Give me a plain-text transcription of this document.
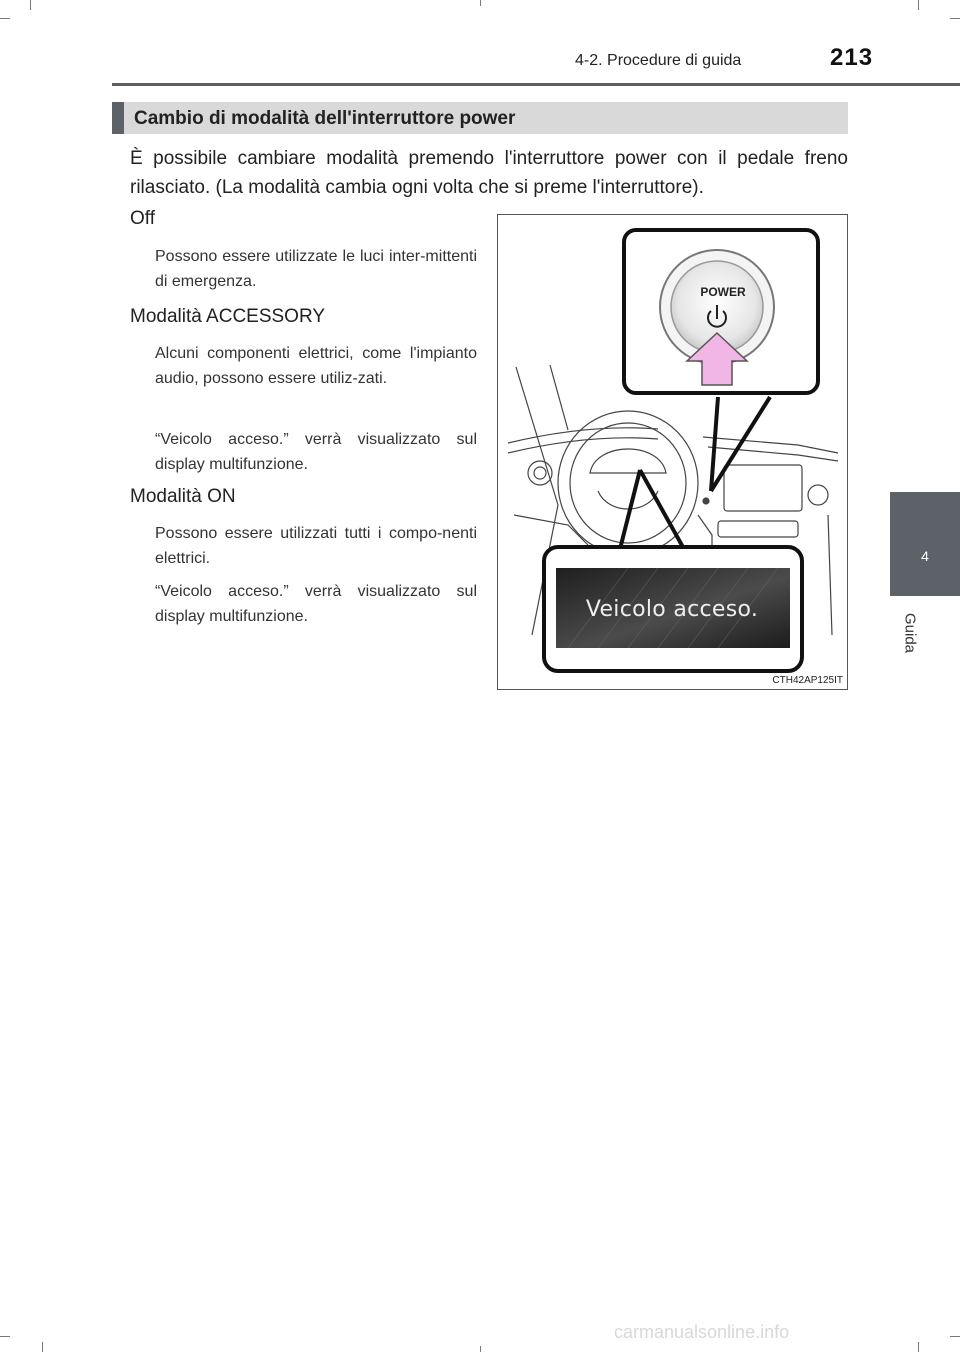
4-2. Procedure di guida	213
4
Guida
Cambio di modalità dell'interruttore power

È possibile cambiare modalità premendo l'interruttore power con il pedale freno rilasciato. (La modalità cambia ogni volta che si preme l'interruttore).

Off

Possono essere utilizzate le luci inter-mittenti di emergenza.

Modalità ACCESSORY

Alcuni componenti elettrici, come l'impianto audio, possono essere utiliz-zati.

“Veicolo acceso.” verrà visualizzato sul display multifunzione.

Modalità ON

Possono essere utilizzati tutti i compo-nenti elettrici.

“Veicolo acceso.” verrà visualizzato sul display multifunzione.

POWER
Veicolo acceso.
CTH42AP125IT
carmanualsonline.info
